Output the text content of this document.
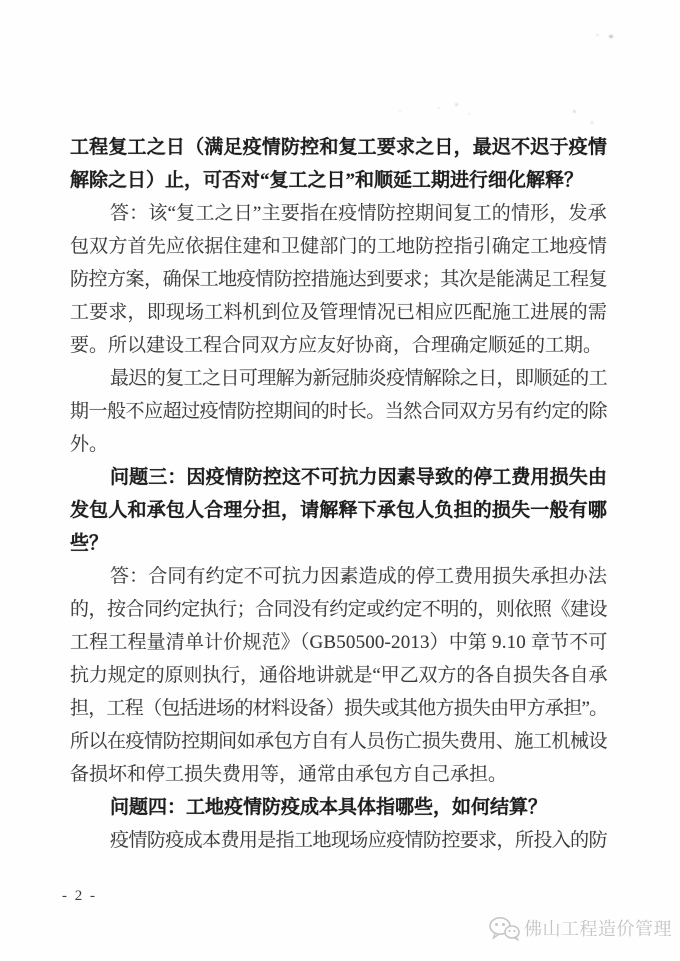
工程复工之日（满足疫情防控和复工要求之日，最迟不迟于疫情
解除之日）止，可否对“复工之日”和顺延工期进行细化解释？
答：该“复工之日”主要指在疫情防控期间复工的情形，发承
包双方首先应依据住建和卫健部门的工地防控指引确定工地疫情
防控方案，确保工地疫情防控措施达到要求；其次是能满足工程复
工要求，即现场工料机到位及管理情况已相应匹配施工进展的需
要。所以建设工程合同双方应友好协商，合理确定顺延的工期。
最迟的复工之日可理解为新冠肺炎疫情解除之日，即顺延的工
期一般不应超过疫情防控期间的时长。当然合同双方另有约定的除
外。
问题三：因疫情防控这不可抗力因素导致的停工费用损失由
发包人和承包人合理分担，请解释下承包人负担的损失一般有哪
些？
答：合同有约定不可抗力因素造成的停工费用损失承担办法
的，按合同约定执行；合同没有约定或约定不明的，则依照《建设
工程工程量清单计价规范》（GB50500-2013）中第 9.10 章节不可
抗力规定的原则执行，通俗地讲就是“甲乙双方的各自损失各自承
担，工程（包括进场的材料设备）损失或其他方损失由甲方承担”。
所以在疫情防控期间如承包方自有人员伤亡损失费用、施工机械设
备损坏和停工损失费用等，通常由承包方自己承担。
问题四：工地疫情防疫成本具体指哪些，如何结算？
疫情防疫成本费用是指工地现场应疫情防控要求，所投入的防
- 2 -
佛山工程造价管理
